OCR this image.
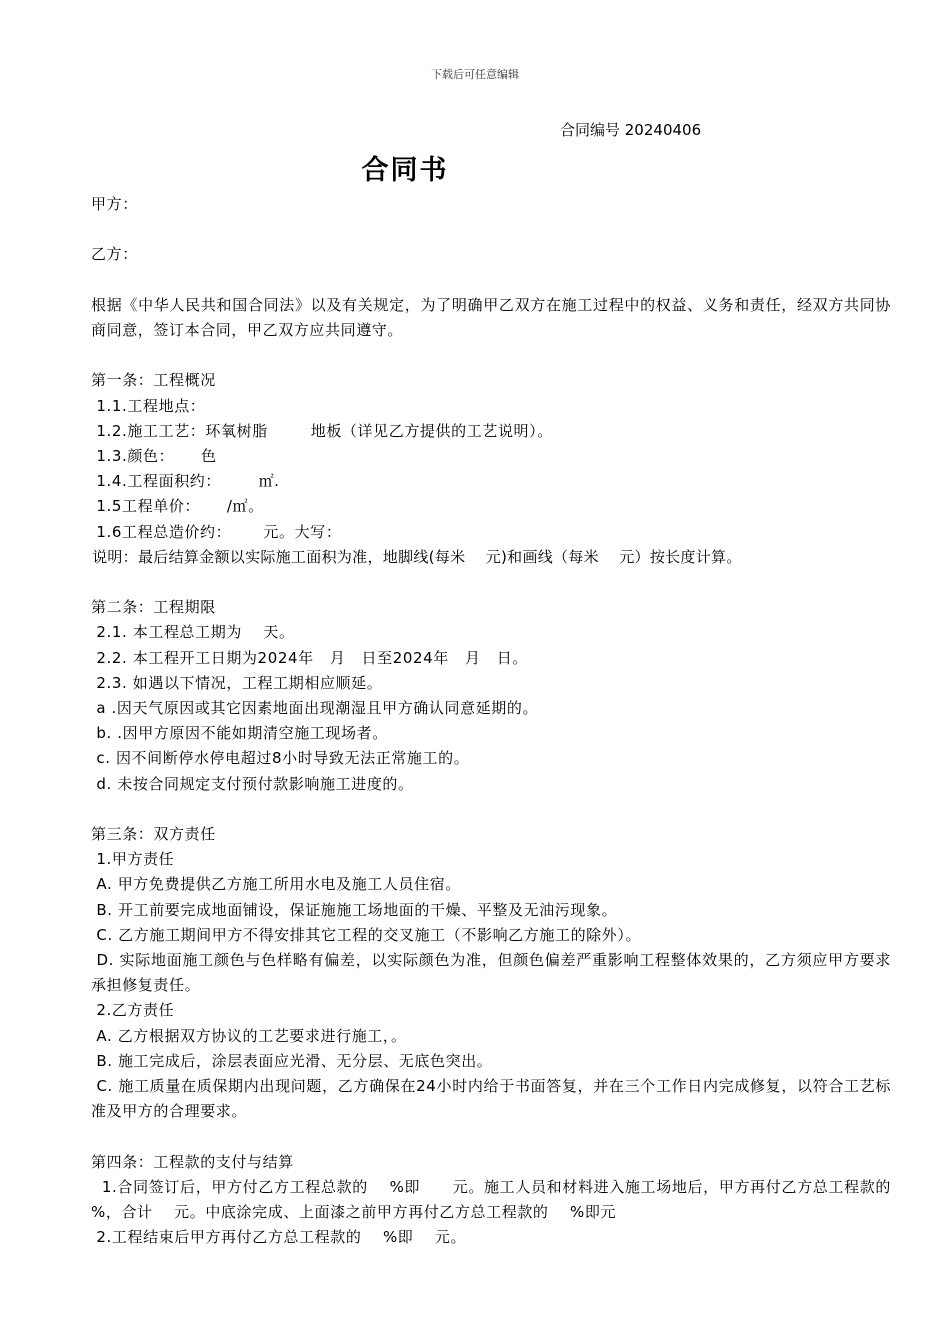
下载后可任意编辑
合同编号 20240406
合同书
甲方：
乙方：
根据《中华人民共和国合同法》以及有关规定，为了明确甲乙双方在施工过程中的权益、义务和责任，经双方共同协商同意，签订本合同，甲乙双方应共同遵守。
第一条：工程概况
1.1.工程地点：
1.2.施工工艺：环氧树脂        地板（详见乙方提供的工艺说明）。
1.3.颜色：     色
1.4.工程面积约：       ㎡.
1.5工程单价：     /㎡。
1.6工程总造价约：      元。大写：
说明：最后结算金额以实际施工面积为准，地脚线(每米    元)和画线（每米    元）按长度计算。
第二条：工程期限
2.1. 本工程总工期为    天。
2.2. 本工程开工日期为2024年   月   日至2024年   月   日。
2.3. 如遇以下情况，工程工期相应顺延。
a .因天气原因或其它因素地面出现潮湿且甲方确认同意延期的。
b. .因甲方原因不能如期清空施工现场者。
c. 因不间断停水停电超过8小时导致无法正常施工的。
d. 未按合同规定支付预付款影响施工进度的。
第三条：双方责任
1.甲方责任
A. 甲方免费提供乙方施工所用水电及施工人员住宿。
B. 开工前要完成地面铺设，保证施施工场地面的干燥、平整及无油污现象。
C. 乙方施工期间甲方不得安排其它工程的交叉施工（不影响乙方施工的除外）。
D. 实际地面施工颜色与色样略有偏差，以实际颜色为准，但颜色偏差严重影响工程整体效果的，乙方须应甲方要求承担修复责任。
2.乙方责任
A. 乙方根据双方协议的工艺要求进行施工，。
B. 施工完成后，涂层表面应光滑、无分层、无底色突出。
C. 施工质量在质保期内出现问题，乙方确保在24小时内给于书面答复，并在三个工作日内完成修复，以符合工艺标准及甲方的合理要求。
第四条：工程款的支付与结算
1.合同签订后，甲方付乙方工程总款的    %即      元。施工人员和材料进入施工场地后，甲方再付乙方总工程款的    %，合计    元。中底涂完成、上面漆之前甲方再付乙方总工程款的    %即元
2.工程结束后甲方再付乙方总工程款的    %即    元。
